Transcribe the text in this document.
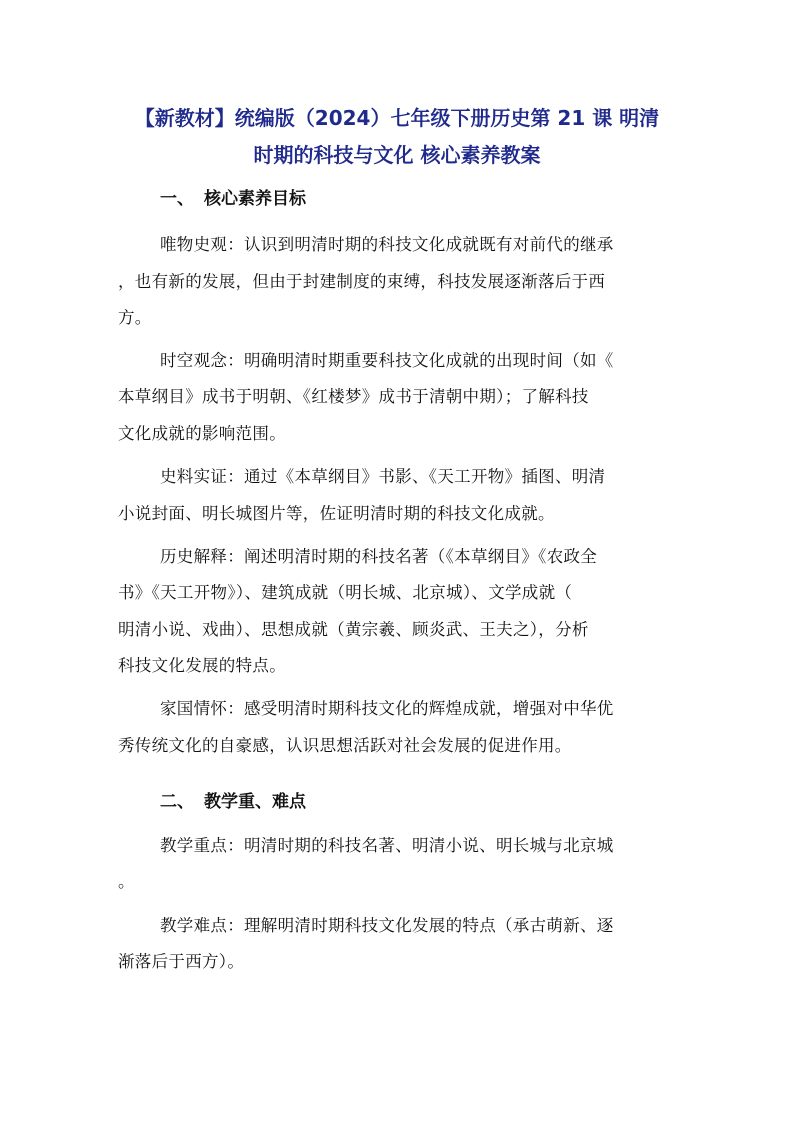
【新教材】统编版（2024）七年级下册历史第 21 课 明清
时期的科技与文化 核心素养教案
一、 核心素养目标
唯物史观：认识到明清时期的科技文化成就既有对前代的继承
，也有新的发展，但由于封建制度的束缚，科技发展逐渐落后于西
方。
时空观念：明确明清时期重要科技文化成就的出现时间（如《
本草纲目》成书于明朝、《红楼梦》成书于清朝中期）；了解科技
文化成就的影响范围。
史料实证：通过《本草纲目》书影、《天工开物》插图、明清
小说封面、明长城图片等，佐证明清时期的科技文化成就。
历史解释：阐述明清时期的科技名著（《本草纲目》《农政全
书》《天工开物》）、建筑成就（明长城、北京城）、文学成就（
明清小说、戏曲）、思想成就（黄宗羲、顾炎武、王夫之），分析
科技文化发展的特点。
家国情怀：感受明清时期科技文化的辉煌成就，增强对中华优
秀传统文化的自豪感，认识思想活跃对社会发展的促进作用。
二、 教学重、难点
教学重点：明清时期的科技名著、明清小说、明长城与北京城
。
教学难点：理解明清时期科技文化发展的特点（承古萌新、逐
渐落后于西方）。
